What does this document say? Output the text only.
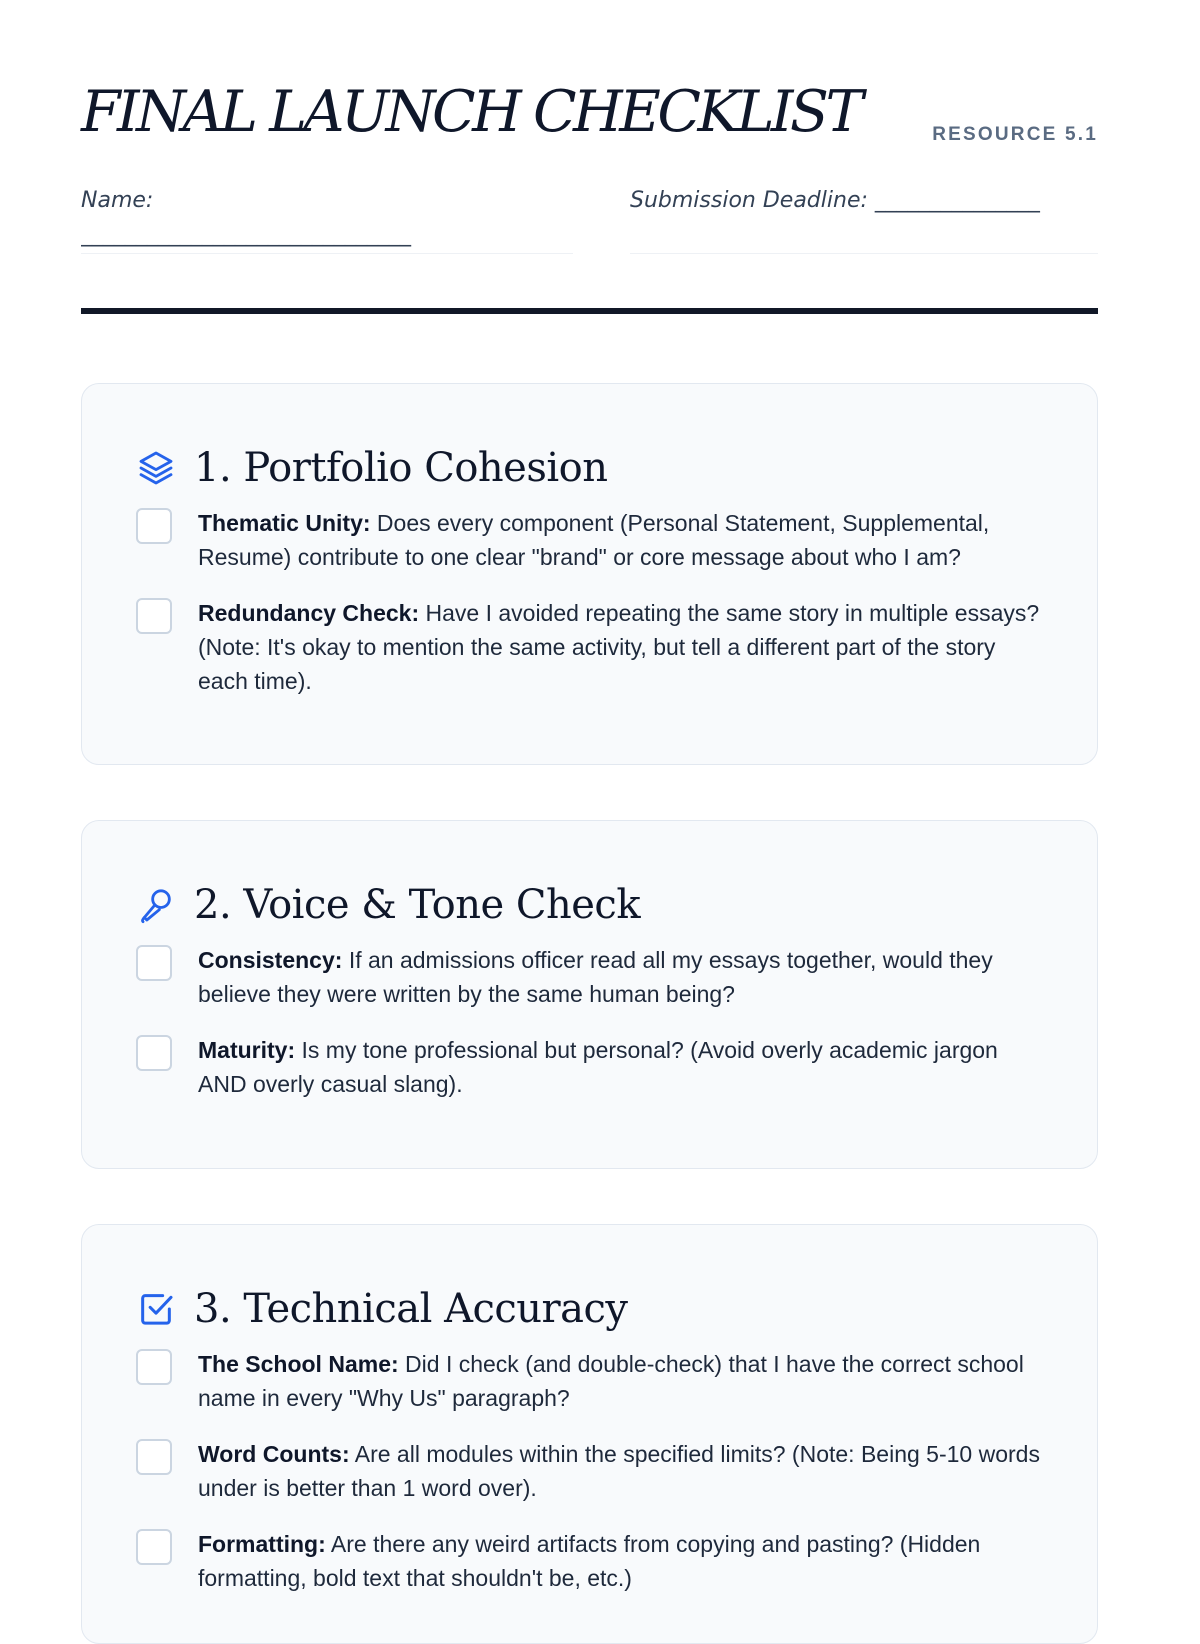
FINAL LAUNCH CHECKLIST	RESOURCE 5.1
Name:
______________________________
Submission Deadline: _______________
1. Portfolio Cohesion
Thematic Unity: Does every component (Personal Statement, Supplemental, Resume) contribute to one clear "brand" or core message about who I am?
Redundancy Check: Have I avoided repeating the same story in multiple essays? (Note: It's okay to mention the same activity, but tell a different part of the story each time).
2. Voice & Tone Check
Consistency: If an admissions officer read all my essays together, would they believe they were written by the same human being?
Maturity: Is my tone professional but personal? (Avoid overly academic jargon AND overly casual slang).
3. Technical Accuracy
The School Name: Did I check (and double-check) that I have the correct school name in every "Why Us" paragraph?
Word Counts: Are all modules within the specified limits? (Note: Being 5-10 words under is better than 1 word over).
Formatting: Are there any weird artifacts from copying and pasting? (Hidden formatting, bold text that shouldn't be, etc.)
